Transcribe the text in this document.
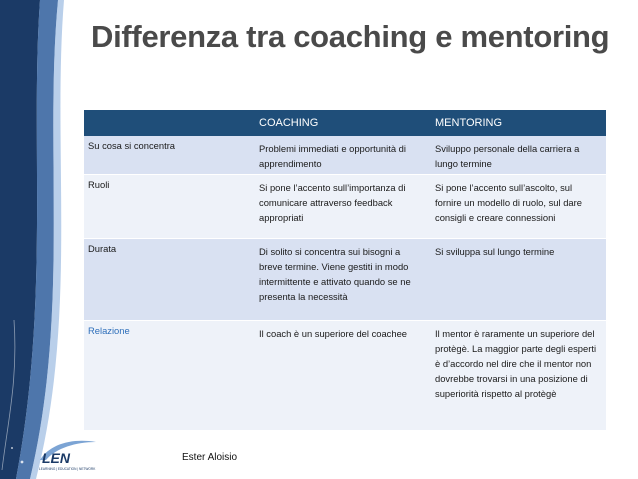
Differenza tra coaching e mentoring
	COACHING	MENTORING
Su cosa si concentra	Problemi immediati e opportunità di apprendimento	Sviluppo personale della carriera a lungo termine
Ruoli	Si pone l’accento sull’importanza di comunicare attraverso feedback appropriati	Si pone l’accento sull’ascolto, sul fornire un modello di ruolo, sul dare consigli e creare connessioni
Durata	Di solito si concentra sui bisogni a breve termine. Viene gestiti in modo intermittente e attivato quando se ne presenta la necessità	Si sviluppa sul lungo termine
Relazione	Il coach è un superiore del coachee	Il mentor è raramente un superiore del protègè. La maggior parte degli esperti è d’accordo nel dire che il mentor non dovrebbe trovarsi in una posizione di superiorità rispetto al protègè
LEN
LEARNING | EDUCATION | NETWORK
Ester Aloisio
